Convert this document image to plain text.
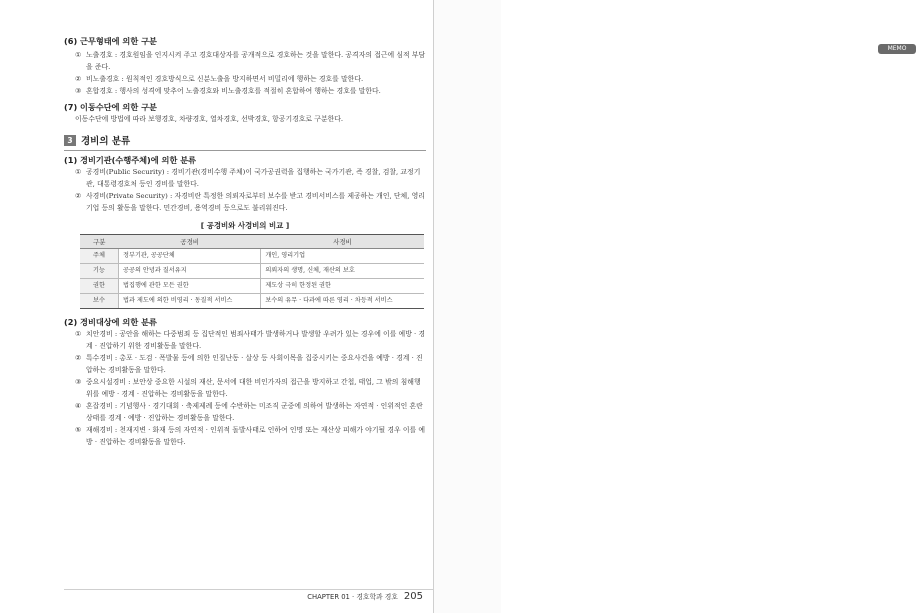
MEMO

(6) 근무형태에 의한 구분

① 노출경호 : 경호원임을 인지시켜 주고 경호대상자를 공개적으로 경호하는 것을 말한다. 공격자의 접근에 심적 부담을 준다.
② 비노출경호 : 원칙적인 경호방식으로 신분노출을 방지하면서 비밀리에 행하는 경호를 말한다.
③ 혼합경호 : 행사의 성격에 맞추어 노출경호와 비노출경호를 적절히 혼합하여 행하는 경호를 말한다.

(7) 이동수단에 의한 구분

이동수단에 방법에 따라 보행경호, 차량경호, 열차경호, 선박경호, 항공기경호로 구분한다.

3 경비의 분류

(1) 경비기관(수행주체)에 의한 분류

① 공경비(Public Security) : 경비기관(경비수행 주체)이 국가공권력을 집행하는 국가기관, 즉 경찰, 검찰, 교정기관, 대통령경호처 등인 경비를 말한다.
② 사경비(Private Security) : 자경비란 특정한 의뢰자로부터 보수를 받고 경비서비스를 제공하는 개인, 단체, 영리기업 등의 활동을 말한다. 민간경비, 용역경비 등으로도 불리워진다.
[ 공경비와 사경비의 비교 ]
구분	공경비	사경비
주체	정부기관, 공공단체	개인, 영리기업
기능	공공의 안녕과 질서유지	의뢰자의 생명, 신체, 재산의 보호
권한	법집행에 관한 모든 권한	제도상 극히 한정된 권한
보수	법과 제도에 의한 비영리 · 동질적 서비스	보수의 유무 · 다과에 따른 영리 · 차등적 서비스

(2) 경비대상에 의한 분류

① 치안경비 : 공안을 해하는 다중범죄 등 집단적인 범죄사태가 발생하거나 발생할 우려가 있는 경우에 이를 예방 · 경계 · 진압하기 위한 경비활동을 말한다.
② 특수경비 : 총포 · 도검 · 폭발물 등에 의한 인질난동 · 살상 등 사회이목을 집중시키는 중요사건을 예방 · 경계 · 진압하는 경비활동을 말한다.
③ 중요시설경비 : 보안상 중요한 시설의 재산, 문서에 대한 비인가자의 접근을 방지하고 간첩, 태업, 그 밖의 침해행위를 예방 · 경계 · 진압하는 경비활동을 말한다.
④ 혼잡경비 : 기념행사 · 경기대회 · 축제제례 등에 수반하는 미조직 군중에 의하여 발생하는 자연적 · 인위적인 혼란상태를 경계 · 예방 · 진압하는 경비활동을 말한다.
⑤ 재해경비 : 천재지변 · 화재 등의 자연적 · 인위적 돌발사태로 인하여 인명 또는 재산상 피해가 야기될 경우 이를 예방 · 진압하는 경비활동을 말한다.
CHAPTER 01 · 경호학과 경호 205
